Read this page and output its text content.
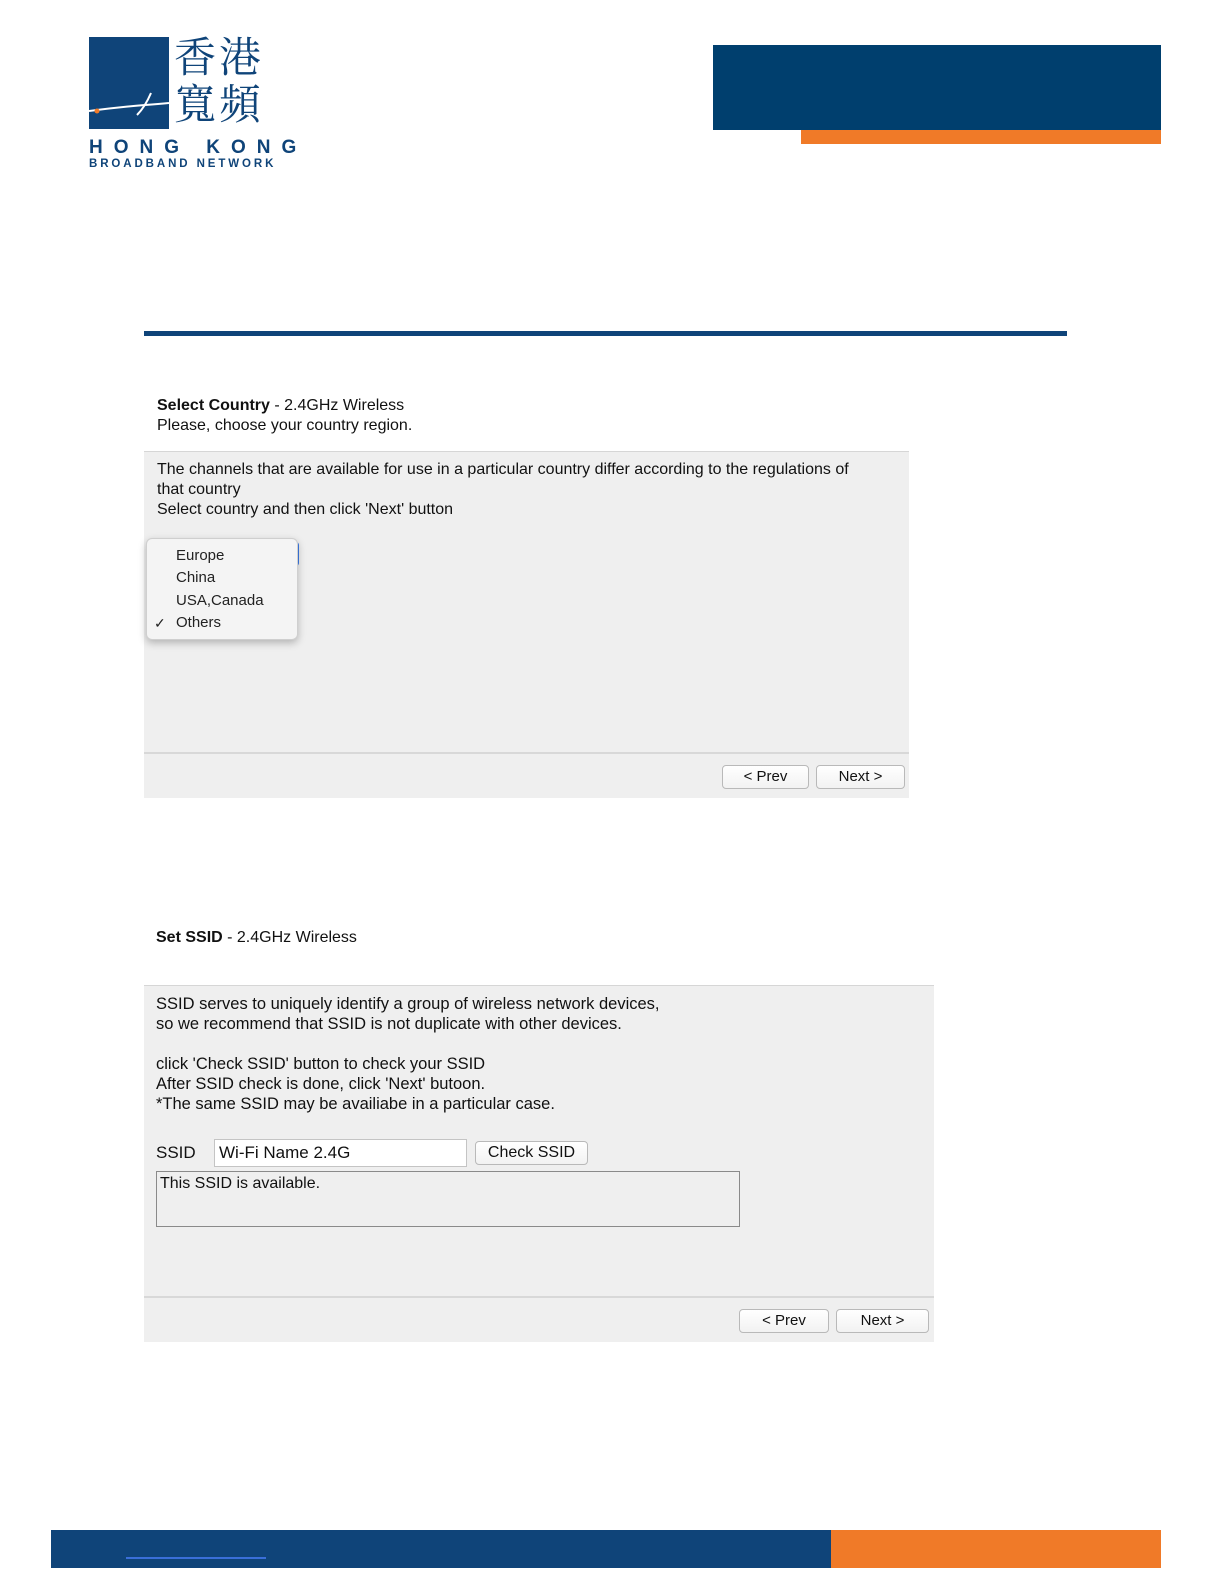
香港寬頻
HONG KONG
BROADBAND NETWORK
Select Country - 2.4GHz Wireless
Please, choose your country region.
The channels that are available for use in a particular country differ according to the regulations of
that country
Select country and then click 'Next' button
Europe
China
USA,Canada
✓ Others
< Prev	Next >
Set SSID - 2.4GHz Wireless
SSID serves to uniquely identify a group of wireless network devices,
so we recommend that SSID is not duplicate with other devices.
click 'Check SSID' button to check your SSID
After SSID check is done, click 'Next' butoon.
*The same SSID may be availiabe in a particular case.
SSID Wi-Fi Name 2.4G	Check SSID
This SSID is available.
< Prev	Next >
